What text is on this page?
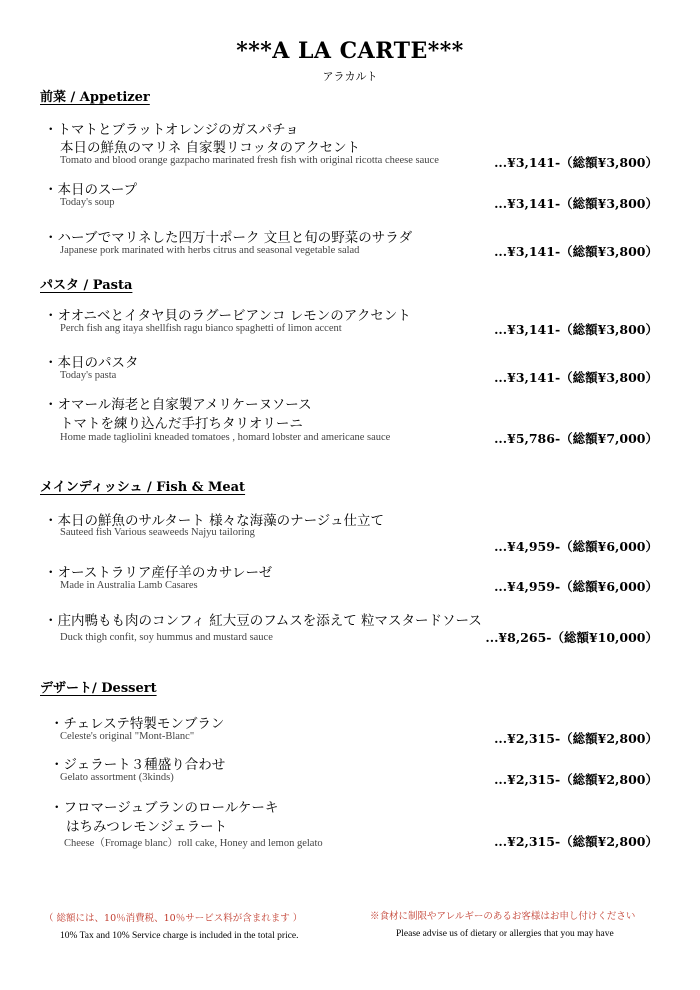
***A LA CARTE***
アラカルト
前菜 / Appetizer
・トマトとブラットオレンジのガスパチョ
本日の鮮魚のマリネ 自家製リコッタのアクセント
Tomato and blood orange gazpacho marinated fresh fish with original ricotta cheese sauce	...¥3,141-（総額¥3,800）
・本日のスープ
Today's soup	...¥3,141-（総額¥3,800）
・ハーブでマリネした四万十ポーク 文旦と旬の野菜のサラダ
Japanese pork marinated with herbs citrus and seasonal vegetable salad	...¥3,141-（総額¥3,800）
パスタ / Pasta
・オオニベとイタヤ貝のラグービアンコ レモンのアクセント
Perch fish ang itaya shellfish ragu bianco spaghetti of limon accent	...¥3,141-（総額¥3,800）
・本日のパスタ
Today's pasta	...¥3,141-（総額¥3,800）
・オマール海老と自家製アメリケーヌソース
トマトを練り込んだ手打ちタリオリーニ
Home made tagliolini kneaded tomatoes , homard lobster and americane sauce	...¥5,786-（総額¥7,000）
メインディッシュ / Fish & Meat
・本日の鮮魚のサルタート 様々な海藻のナージュ仕立て
Sauteed fish Various seaweeds Najyu tailoring
...¥4,959-（総額¥6,000）
・オーストラリア産仔羊のカサレーゼ
Made in Australia Lamb Casares	...¥4,959-（総額¥6,000）
・庄内鴨もも肉のコンフィ 紅大豆のフムスを添えて 粒マスタードソース
Duck thigh confit, soy hummus and mustard sauce	...¥8,265-（総額¥10,000）
デザート/ Dessert
・チェレステ特製モンブラン
Celeste's original "Mont-Blanc"	...¥2,315-（総額¥2,800）
・ジェラート３種盛り合わせ
Gelato assortment (3kinds)	...¥2,315-（総額¥2,800）
・フロマージュブランのロールケーキ
はちみつレモンジェラート
Cheese（Fromage blanc）roll cake, Honey and lemon gelato	...¥2,315-（総額¥2,800）
（ 総額には、10％消費税、10％サービス料が含まれます ）
10% Tax and 10% Service charge is included in the total price.
※食材に制限やアレルギーのあるお客様はお申し付けください
Please advise us of dietary or allergies that you may have
